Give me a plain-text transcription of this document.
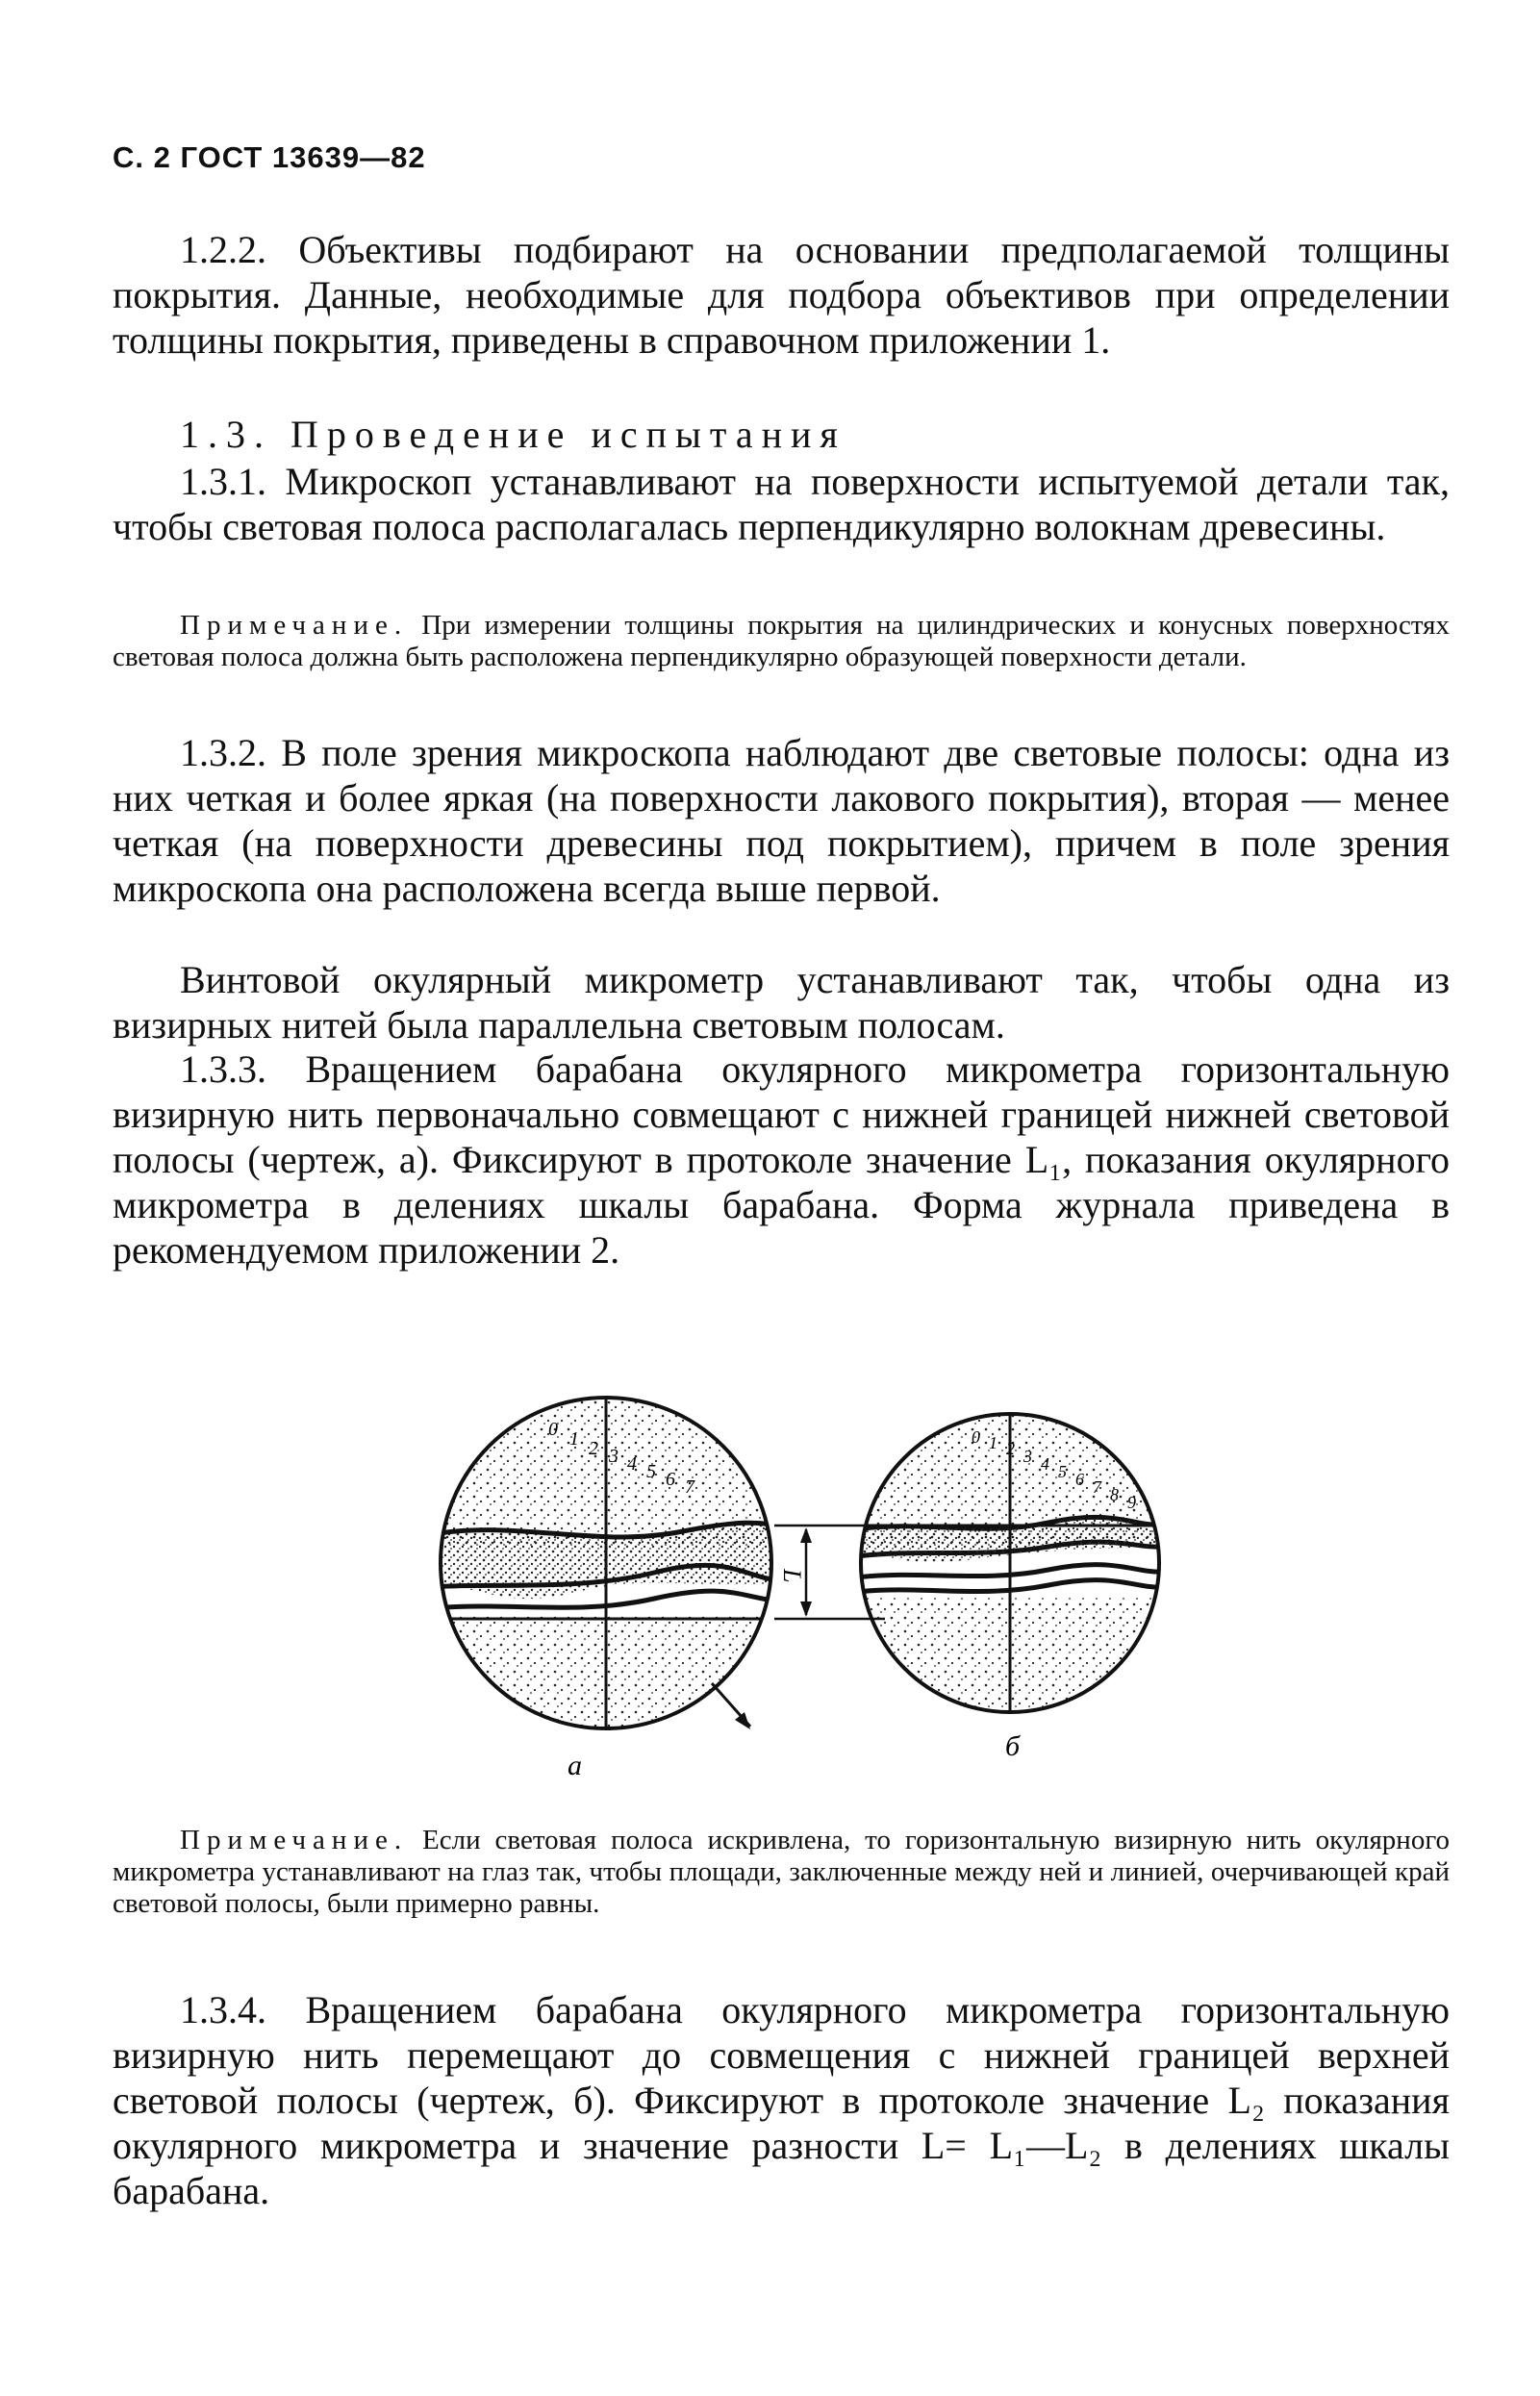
С. 2 ГОСТ 13639—82

1.2.2. Объективы подбирают на основании предполагаемой толщины покрытия. Данные, необходимые для подбора объективов при определении толщины покрытия, приведены в справочном приложении 1.

1.3. Проведение испытания

1.3.1. Микроскоп устанавливают на поверхности испытуемой детали так, чтобы световая полоса располагалась перпендикулярно волокнам древесины.

Примечание. При измерении толщины покрытия на цилиндрических и конусных поверхностях световая полоса должна быть расположена перпендикулярно образующей поверхности детали.

1.3.2. В поле зрения микроскопа наблюдают две световые полосы: одна из них четкая и более яркая (на поверхности лакового покрытия), вторая — менее четкая (на поверхности древесины под покрытием), причем в поле зрения микроскопа она расположена всегда выше первой.

Винтовой окулярный микрометр устанавливают так, чтобы одна из визирных нитей была параллельна световым полосам.

1.3.3. Вращением барабана окулярного микрометра горизонтальную визирную нить первоначально совмещают с нижней границей нижней световой полосы (чертеж, а). Фиксируют в протоколе значение L₁, показания окулярного микрометра в делениях шкалы барабана. Форма журнала приведена в рекомендуемом приложении 2.

0 1 2 3 4 5 6 7
а
L
0 1 2 3 4 5 6 7 8 9
б

Примечание. Если световая полоса искривлена, то горизонтальную визирную нить окулярного микрометра устанавливают на глаз так, чтобы площади, заключенные между ней и линией, очерчивающей край световой полосы, были примерно равны.

1.3.4. Вращением барабана окулярного микрометра горизонтальную визирную нить перемещают до совмещения с нижней границей верхней световой полосы (чертеж, б). Фиксируют в протоколе значение L₂ показания окулярного микрометра и значение разности L= L₁—L₂ в делениях шкалы барабана.
